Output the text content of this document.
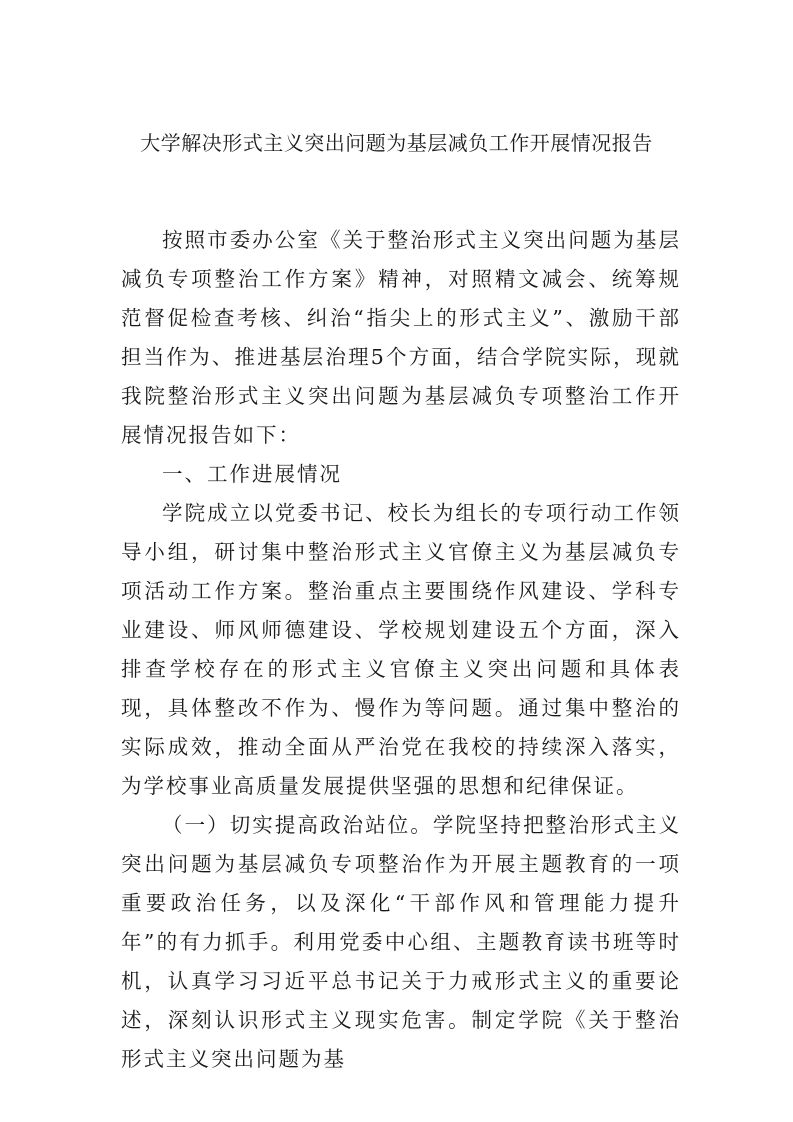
大学解决形式主义突出问题为基层减负工作开展情况报告

按照市委办公室《关于整治形式主义突出问题为基层减负专项整治工作方案》精神，对照精文减会、统筹规范督促检查考核、纠治“指尖上的形式主义”、激励干部担当作为、推进基层治理5个方面，结合学院实际，现就我院整治形式主义突出问题为基层减负专项整治工作开展情况报告如下：

一、工作进展情况

学院成立以党委书记、校长为组长的专项行动工作领导小组，研讨集中整治形式主义官僚主义为基层减负专项活动工作方案。整治重点主要围绕作风建设、学科专业建设、师风师德建设、学校规划建设五个方面，深入排查学校存在的形式主义官僚主义突出问题和具体表现，具体整改不作为、慢作为等问题。通过集中整治的实际成效，推动全面从严治党在我校的持续深入落实，为学校事业高质量发展提供坚强的思想和纪律保证。

（一）切实提高政治站位。学院坚持把整治形式主义突出问题为基层减负专项整治作为开展主题教育的一项重要政治任务，以及深化“干部作风和管理能力提升年”的有力抓手。利用党委中心组、主题教育读书班等时机，认真学习习近平总书记关于力戒形式主义的重要论述，深刻认识形式主义现实危害。制定学院《关于整治形式主义突出问题为基
